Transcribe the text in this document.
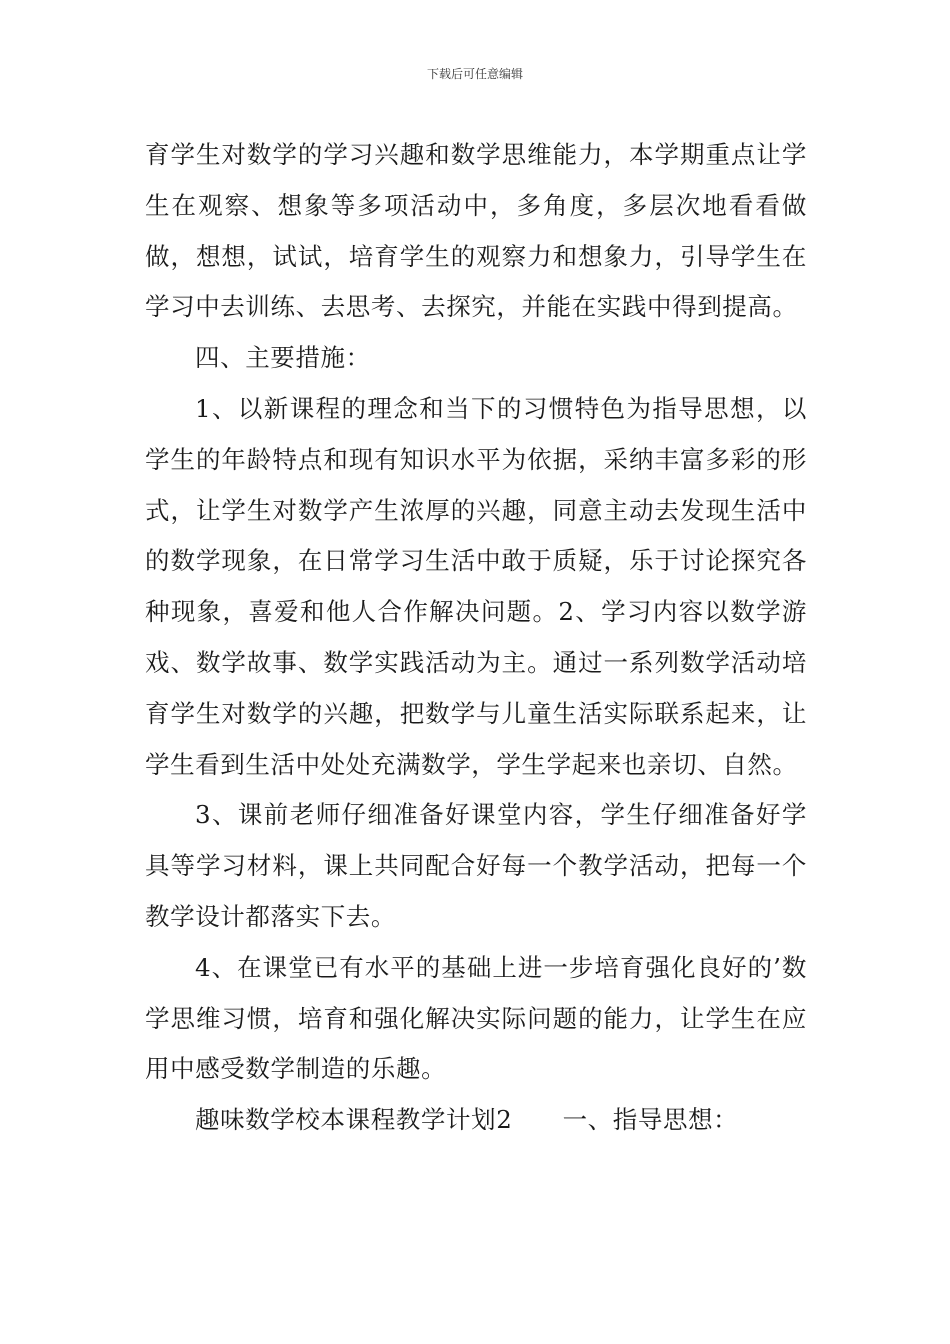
下载后可任意编辑

育学生对数学的学习兴趣和数学思维能力，本学期重点让学生在观察、想象等多项活动中，多角度，多层次地看看做做，想想，试试，培育学生的观察力和想象力，引导学生在学习中去训练、去思考、去探究，并能在实践中得到提高。

四、主要措施：

1、以新课程的理念和当下的习惯特色为指导思想，以学生的年龄特点和现有知识水平为依据，采纳丰富多彩的形式，让学生对数学产生浓厚的兴趣，同意主动去发现生活中的数学现象，在日常学习生活中敢于质疑，乐于讨论探究各种现象，喜爱和他人合作解决问题。2、学习内容以数学游戏、数学故事、数学实践活动为主。通过一系列数学活动培育学生对数学的兴趣，把数学与儿童生活实际联系起来，让学生看到生活中处处充满数学，学生学起来也亲切、自然。

3、课前老师仔细准备好课堂内容，学生仔细准备好学具等学习材料，课上共同配合好每一个教学活动，把每一个教学设计都落实下去。

4、在课堂已有水平的基础上进一步培育强化良好的’数学思维习惯，培育和强化解决实际问题的能力，让学生在应用中感受数学制造的乐趣。

趣味数学校本课程教学计划2　　一、指导思想：
